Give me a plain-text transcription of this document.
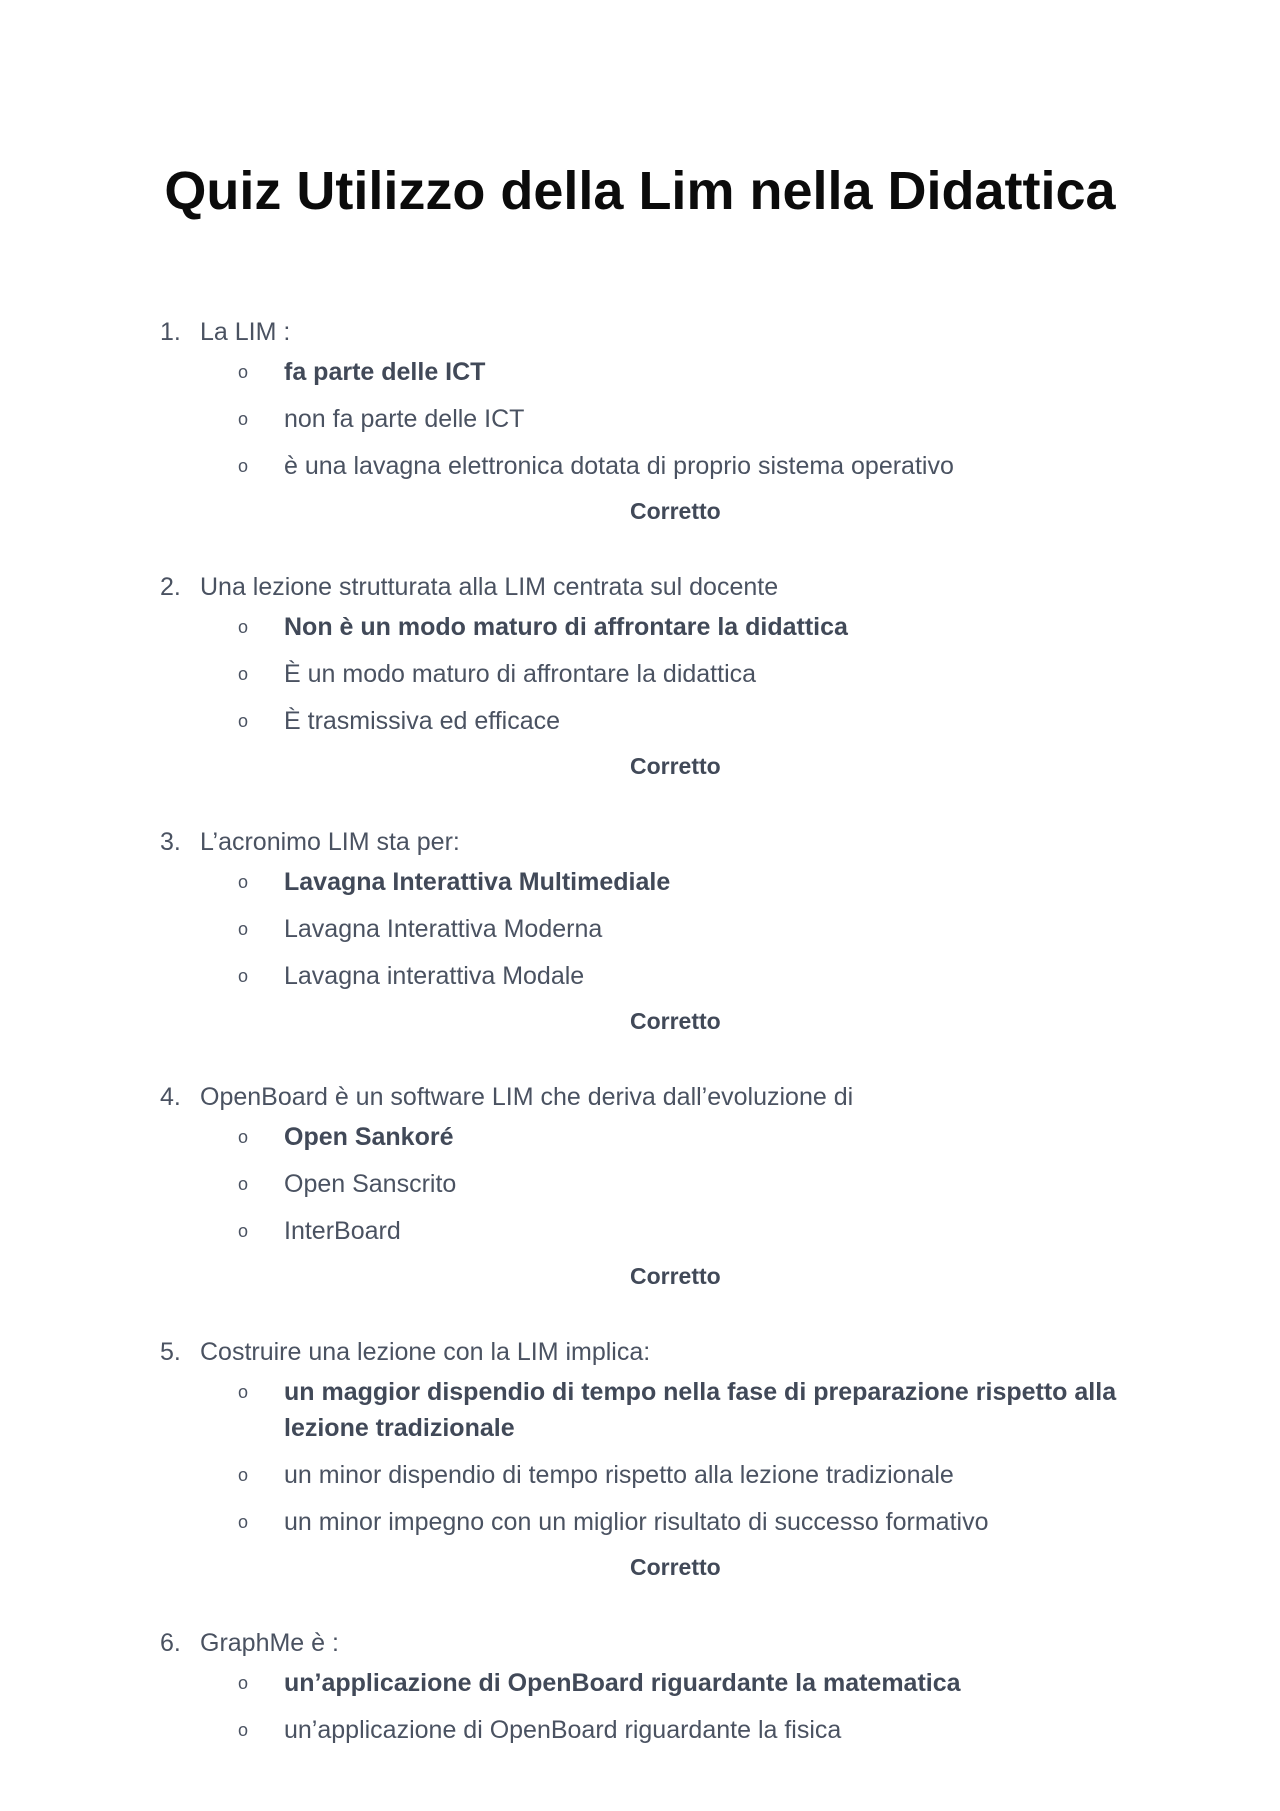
Quiz Utilizzo della Lim nella Didattica
1. La LIM :
o fa parte delle ICT
o non fa parte delle ICT
o è una lavagna elettronica dotata di proprio sistema operativo
Corretto
2. Una lezione strutturata alla LIM centrata sul docente
o Non è un modo maturo di affrontare la didattica
o È un modo maturo di affrontare la didattica
o È trasmissiva ed efficace
Corretto
3. L’acronimo LIM sta per:
o Lavagna Interattiva Multimediale
o Lavagna Interattiva Moderna
o Lavagna interattiva Modale
Corretto
4. OpenBoard è un software LIM che deriva dall’evoluzione di
o Open Sankoré
o Open Sanscrito
o InterBoard
Corretto
5. Costruire una lezione con la LIM implica:
o un maggior dispendio di tempo nella fase di preparazione rispetto alla lezione tradizionale
o un minor dispendio di tempo rispetto alla lezione tradizionale
o un minor impegno con un miglior risultato di successo formativo
Corretto
6. GraphMe è :
o un’applicazione di OpenBoard riguardante la matematica
o un’applicazione di OpenBoard riguardante la fisica
